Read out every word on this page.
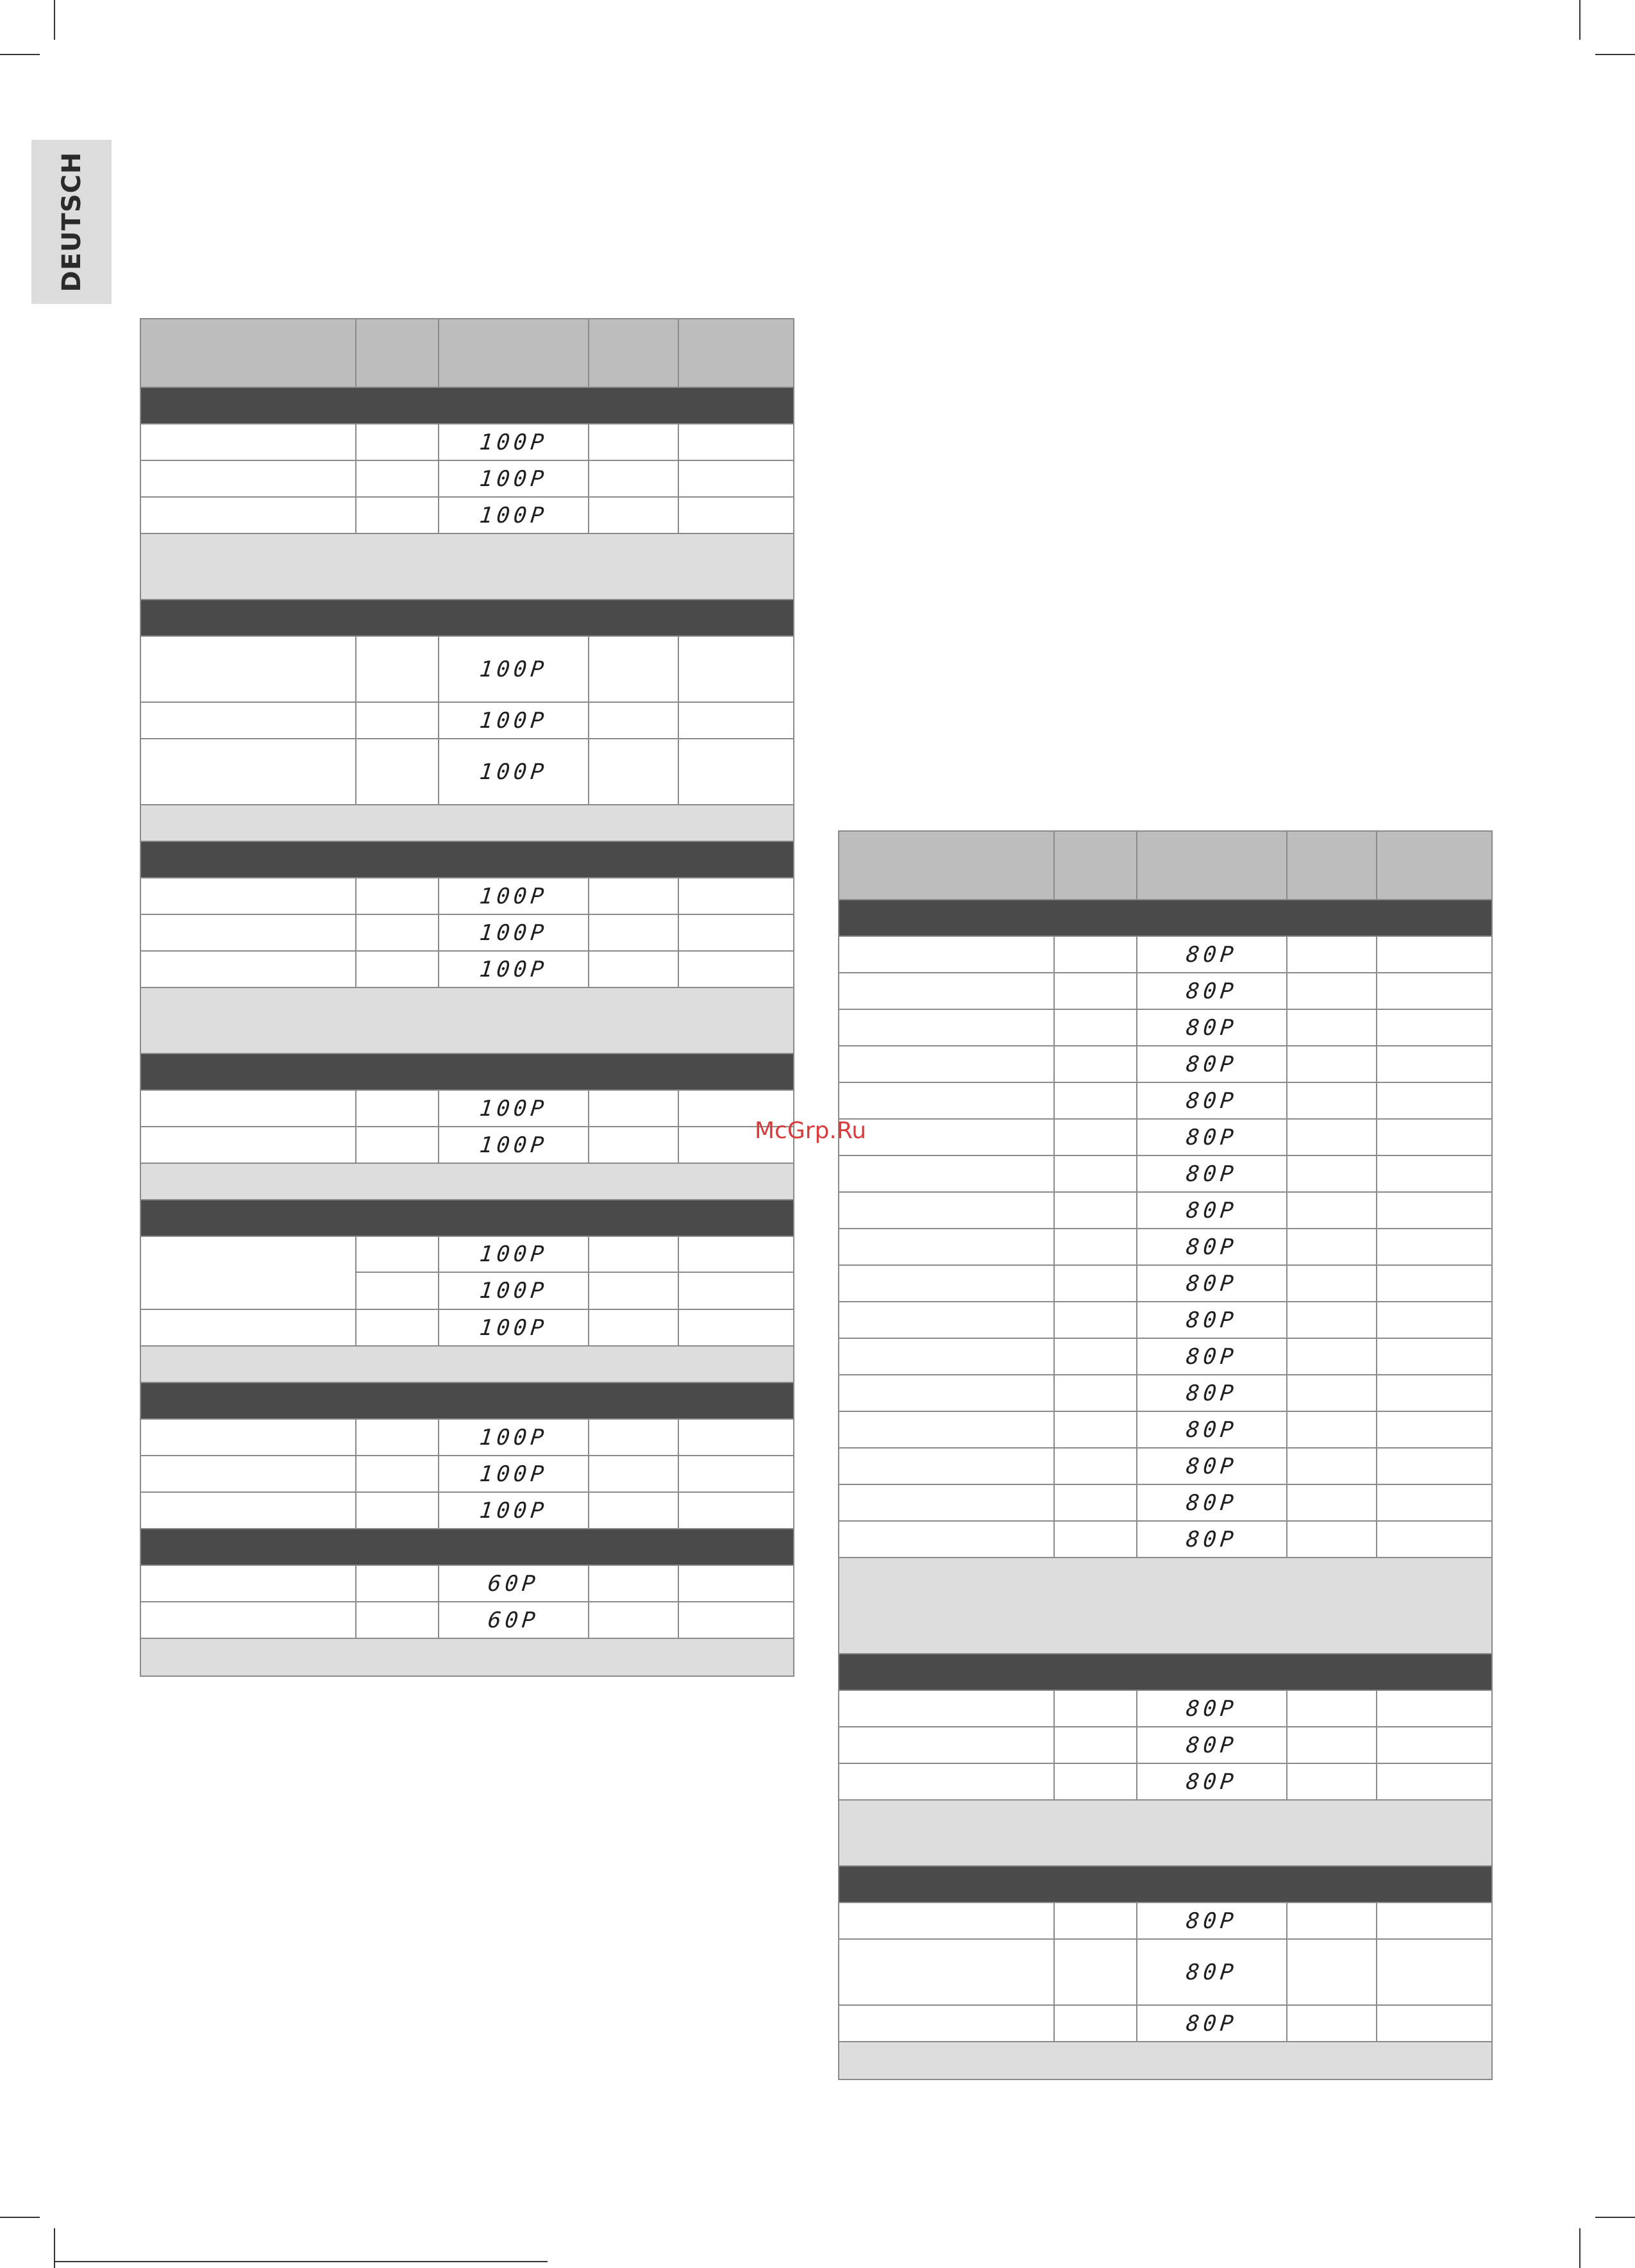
DEUTSCH
100P
100P
100P
100P
100P
100P
100P
100P
100P
100P
100P
100P
100P
100P
100P
100P
100P
60P
60P
80P
80P
80P
80P
80P
80P
80P
80P
80P
80P
80P
80P
80P
80P
80P
80P
80P
80P
80P
80P
80P
80P
80P
McGrp.Ru
